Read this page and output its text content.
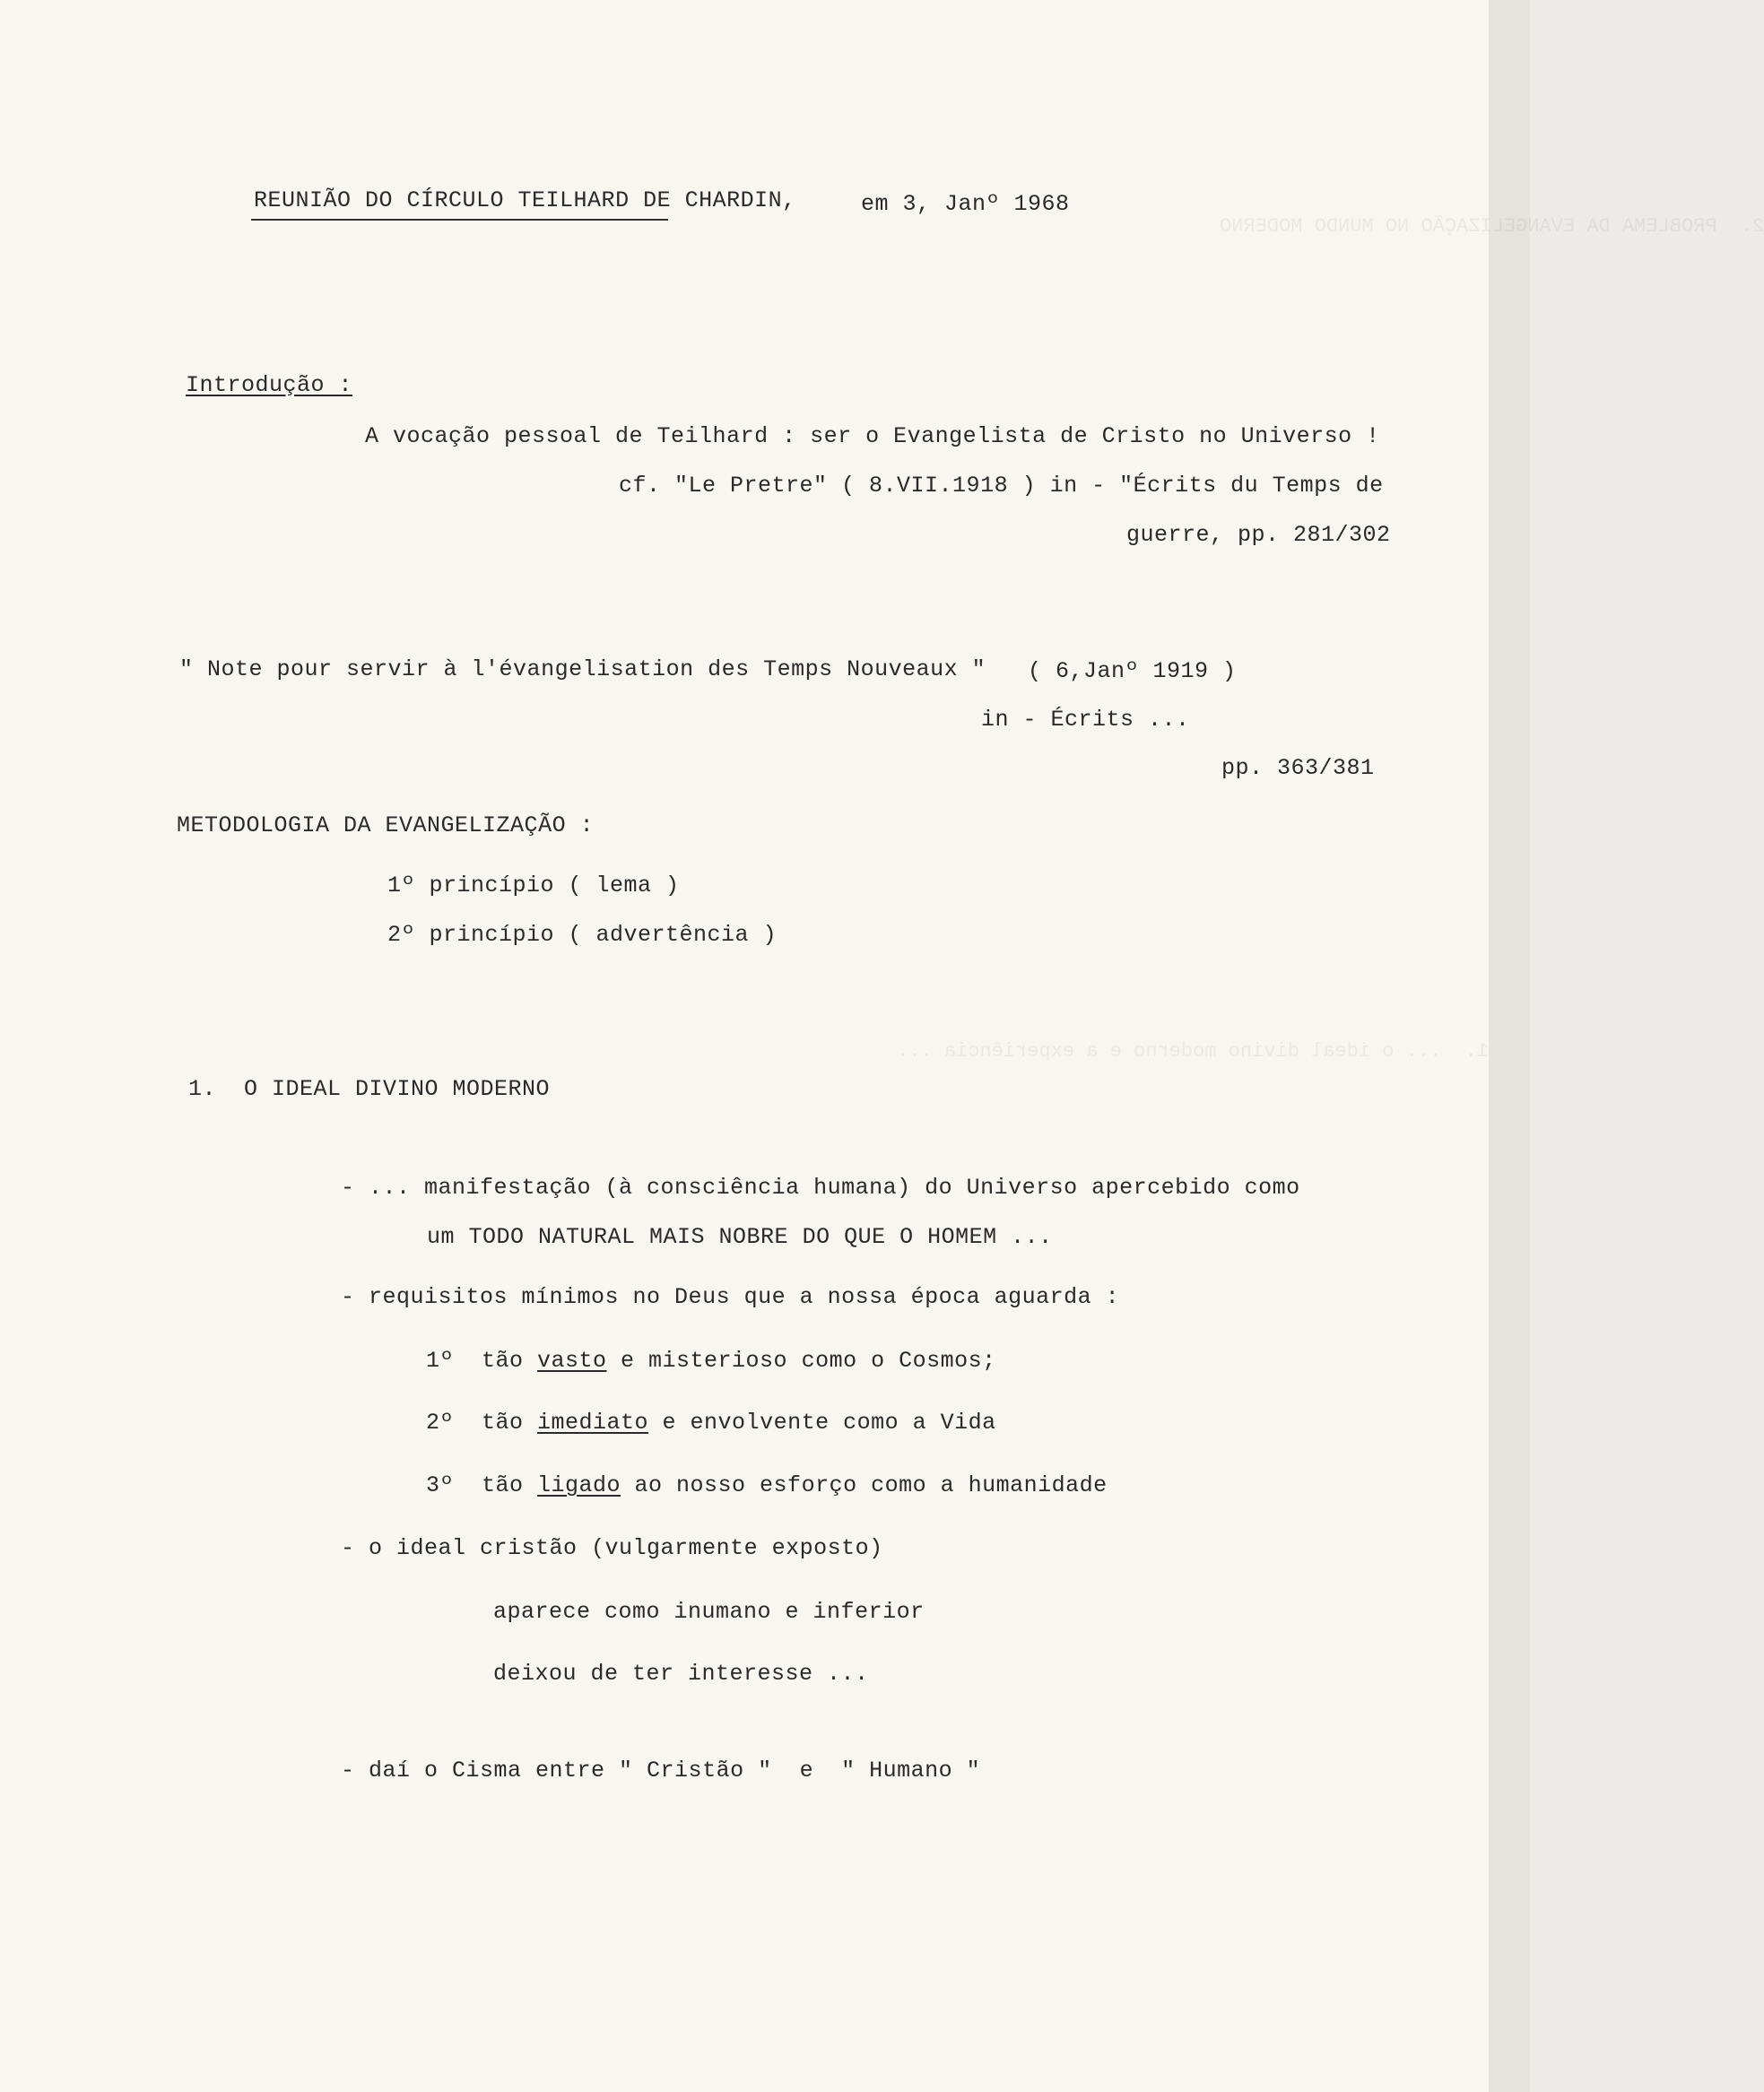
2.  PROBLEMA DA EVANGELIZAÇÃO NO MUNDO MODERNO
1.  ... o ideal divino moderno e a experiência ...
REUNIÃO DO CÍRCULO TEILHARD DE CHARDIN,	em 3, Janº 1968
Introdução :
A vocação pessoal de Teilhard : ser o Evangelista de Cristo no Universo !
cf. "Le Pretre" ( 8.VII.1918 ) in - "Écrits du Temps de
guerre, pp. 281/302
" Note pour servir à l'évangelisation des Temps Nouveaux " ( 6,Janº 1919 )
in - Écrits ...
pp. 363/381
METODOLOGIA DA EVANGELIZAÇÃO :
1º princípio ( lema )
2º princípio ( advertência )
1.  O IDEAL DIVINO MODERNO
- ... manifestação (à consciência humana) do Universo apercebido como
um TODO NATURAL MAIS NOBRE DO QUE O HOMEM ...
- requisitos mínimos no Deus que a nossa época aguarda :
1º tão vasto e misterioso como o Cosmos;
2º tão imediato e envolvente como a Vida
3º tão ligado ao nosso esforço como a humanidade
- o ideal cristão (vulgarmente exposto)
aparece como inumano e inferior
deixou de ter interesse ...
- daí o Cisma entre " Cristão "  e  " Humano "
